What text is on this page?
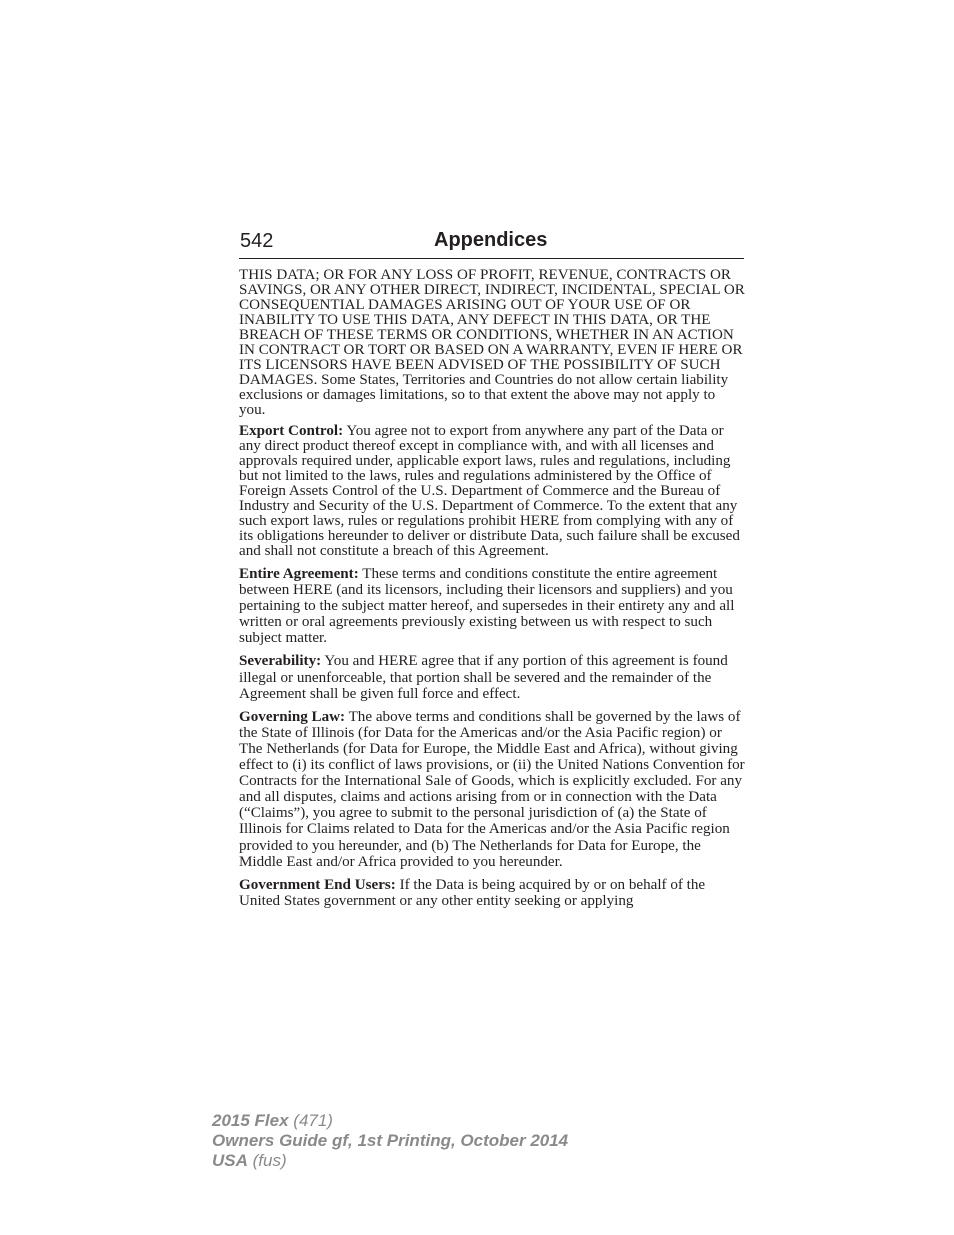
542	Appendices

THIS DATA; OR FOR ANY LOSS OF PROFIT, REVENUE, CONTRACTS OR SAVINGS, OR ANY OTHER DIRECT, INDIRECT, INCIDENTAL, SPECIAL OR CONSEQUENTIAL DAMAGES ARISING OUT OF YOUR USE OF OR INABILITY TO USE THIS DATA, ANY DEFECT IN THIS DATA, OR THE BREACH OF THESE TERMS OR CONDITIONS, WHETHER IN AN ACTION IN CONTRACT OR TORT OR BASED ON A WARRANTY, EVEN IF HERE OR ITS LICENSORS HAVE BEEN ADVISED OF THE POSSIBILITY OF SUCH DAMAGES. Some States, Territories and Countries do not allow certain liability exclusions or damages limitations, so to that extent the above may not apply to you.

Export Control: You agree not to export from anywhere any part of the Data or any direct product thereof except in compliance with, and with all licenses and approvals required under, applicable export laws, rules and regulations, including but not limited to the laws, rules and regulations administered by the Office of Foreign Assets Control of the U.S. Department of Commerce and the Bureau of Industry and Security of the U.S. Department of Commerce. To the extent that any such export laws, rules or regulations prohibit HERE from complying with any of its obligations hereunder to deliver or distribute Data, such failure shall be excused and shall not constitute a breach of this Agreement.

Entire Agreement: These terms and conditions constitute the entire agreement between HERE (and its licensors, including their licensors and suppliers) and you pertaining to the subject matter hereof, and supersedes in their entirety any and all written or oral agreements previously existing between us with respect to such subject matter.

Severability: You and HERE agree that if any portion of this agreement is found illegal or unenforceable, that portion shall be severed and the remainder of the Agreement shall be given full force and effect.

Governing Law: The above terms and conditions shall be governed by the laws of the State of Illinois (for Data for the Americas and/or the Asia Pacific region) or The Netherlands (for Data for Europe, the Middle East and Africa), without giving effect to (i) its conflict of laws provisions, or (ii) the United Nations Convention for Contracts for the International Sale of Goods, which is explicitly excluded. For any and all disputes, claims and actions arising from or in connection with the Data (“Claims”), you agree to submit to the personal jurisdiction of (a) the State of Illinois for Claims related to Data for the Americas and/or the Asia Pacific region provided to you hereunder, and (b) The Netherlands for Data for Europe, the Middle East and/or Africa provided to you hereunder.

Government End Users: If the Data is being acquired by or on behalf of the United States government or any other entity seeking or applying

2015 Flex (471)
Owners Guide gf, 1st Printing, October 2014
USA (fus)
